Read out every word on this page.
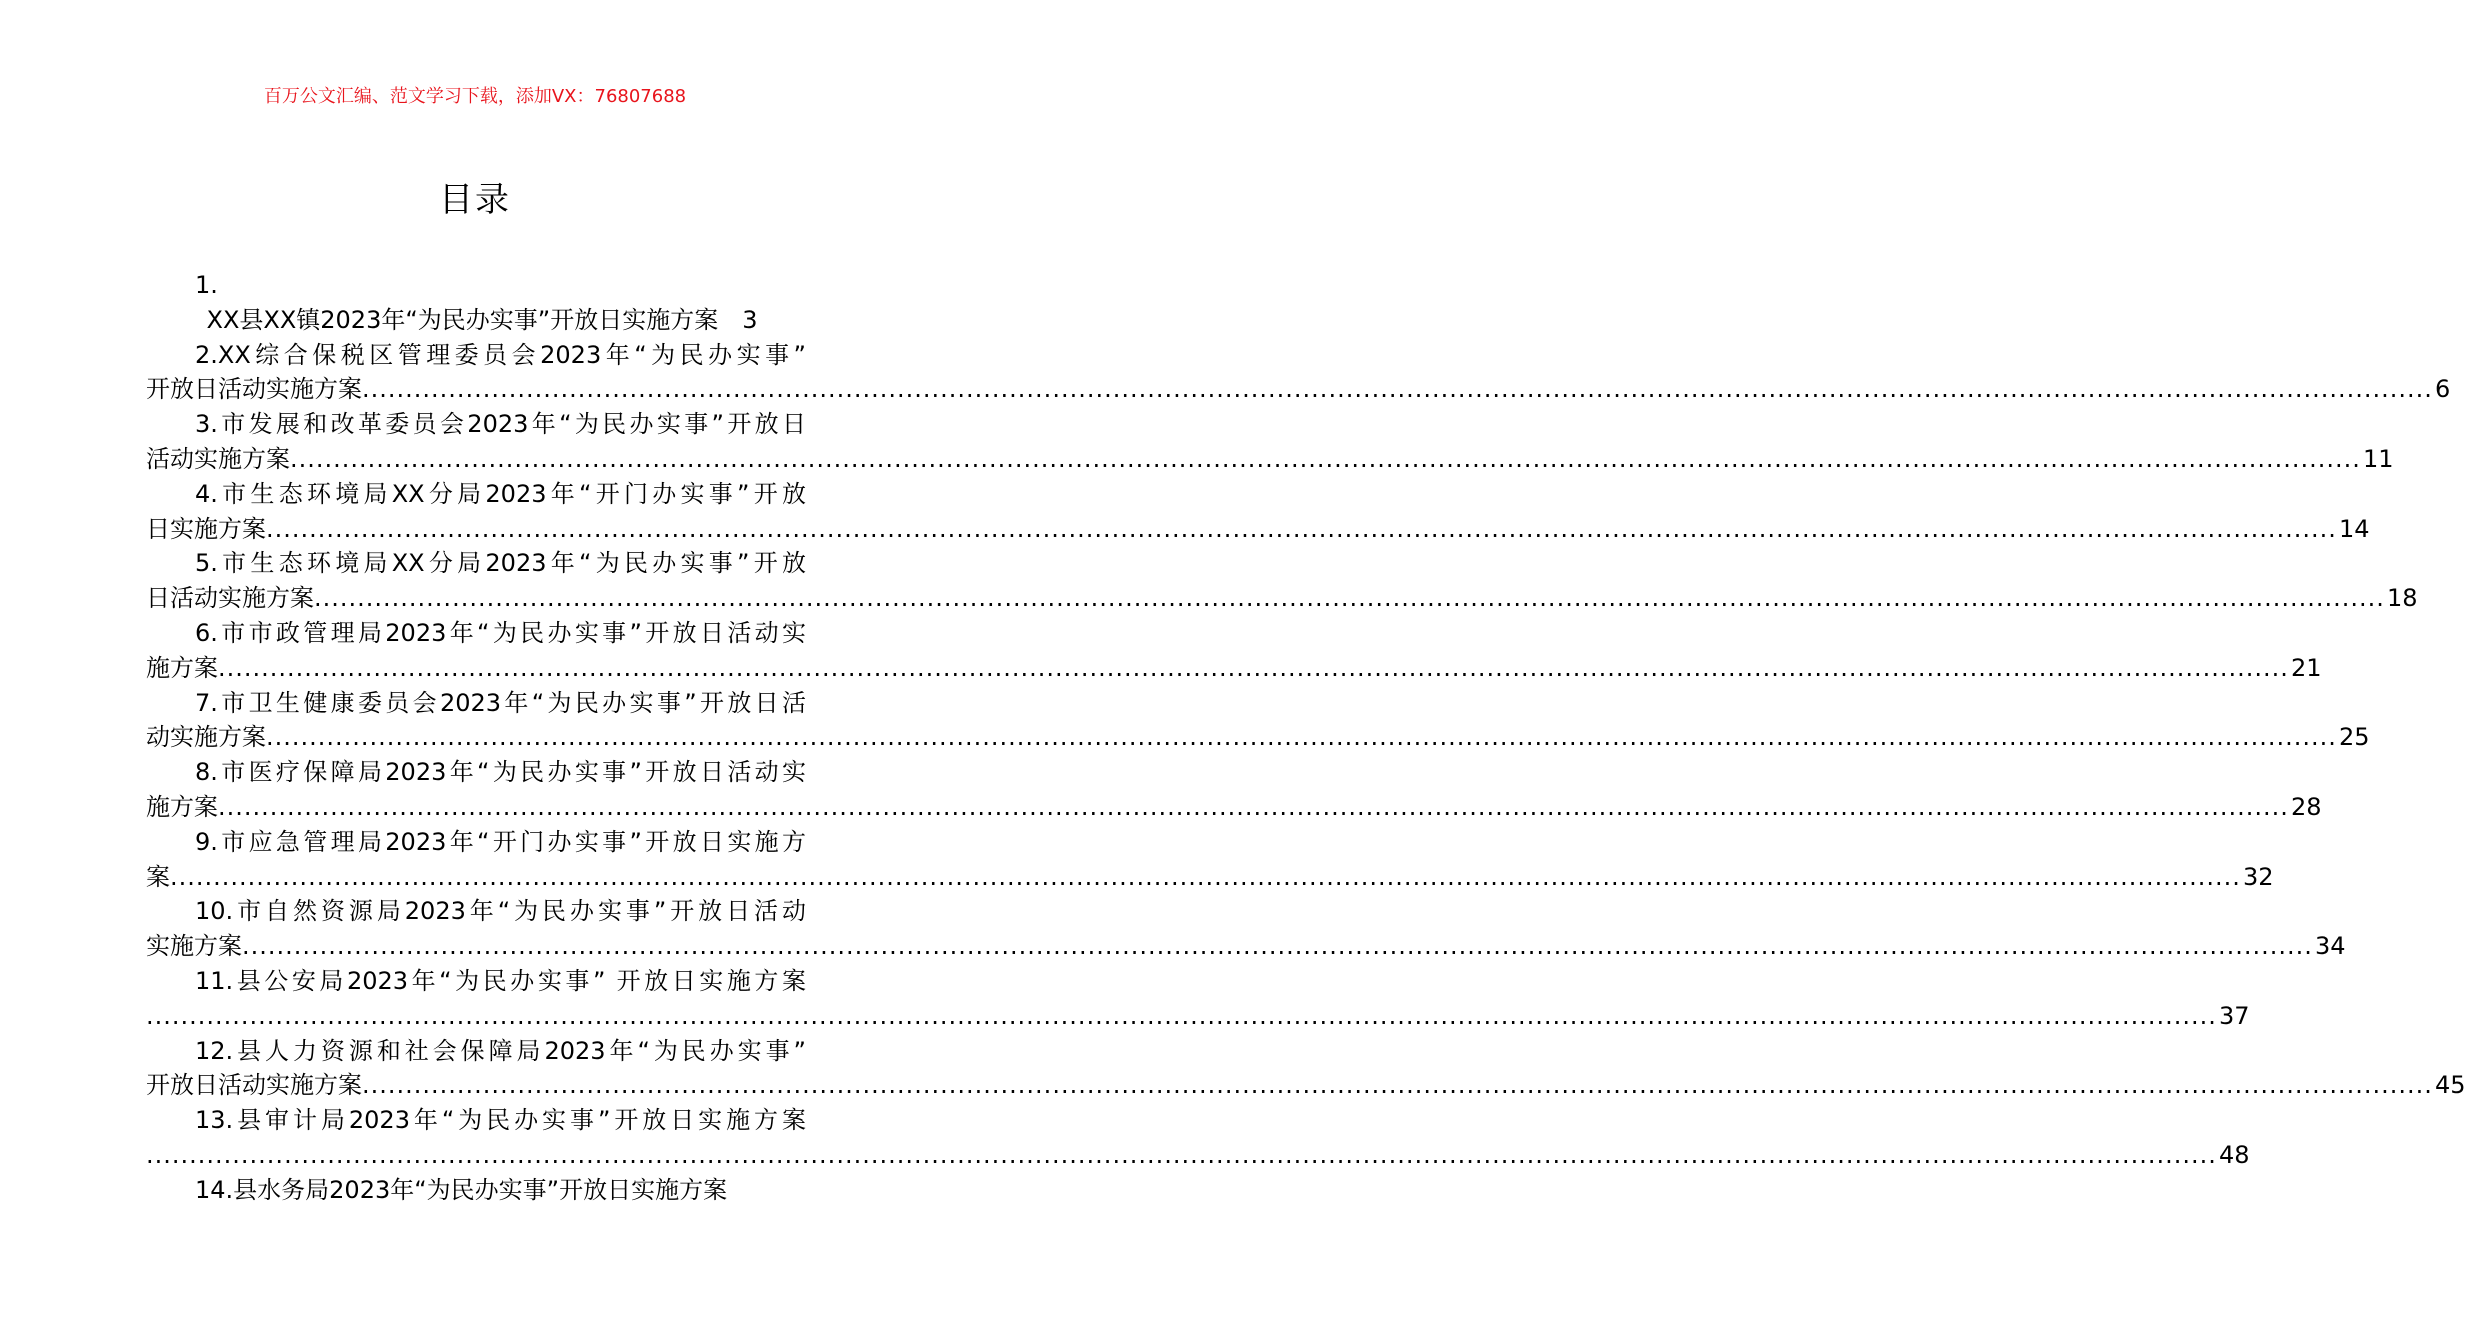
百万公文汇编、范文学习下载，添加VX：76807688
目录
1.
XX县XX镇2023年“为民办实事”开放日实施方案  3
2.XX综合保税区管理委员会2023年“为民办实事”
开放日活动实施方案 ................................................................................................................................................................................................................................................ 6
3.市发展和改革委员会2023年“为民办实事”开放日
活动实施方案 ................................................................................................................................................................................................................................................ 11
4.市生态环境局XX分局2023年“开门办实事”开放
日实施方案 ................................................................................................................................................................................................................................................ 14
5.市生态环境局XX分局2023年“为民办实事”开放
日活动实施方案 ................................................................................................................................................................................................................................................ 18
6.市市政管理局2023年“为民办实事”开放日活动实
施方案 ................................................................................................................................................................................................................................................ 21
7.市卫生健康委员会2023年“为民办实事”开放日活
动实施方案 ................................................................................................................................................................................................................................................ 25
8.市医疗保障局2023年“为民办实事”开放日活动实
施方案 ................................................................................................................................................................................................................................................ 28
9.市应急管理局2023年“开门办实事”开放日实施方
案 ................................................................................................................................................................................................................................................ 32
10.市自然资源局2023年“为民办实事”开放日活动
实施方案 ................................................................................................................................................................................................................................................ 34
11.县公安局2023年“为民办实事” 开放日实施方案
................................................................................................................................................................................................................................................ 37
12.县人力资源和社会保障局2023年“为民办实事”
开放日活动实施方案 ................................................................................................................................................................................................................................................ 45
13.县审计局2023年“为民办实事”开放日实施方案
................................................................................................................................................................................................................................................ 48
14.县水务局2023年“为民办实事”开放日实施方案
